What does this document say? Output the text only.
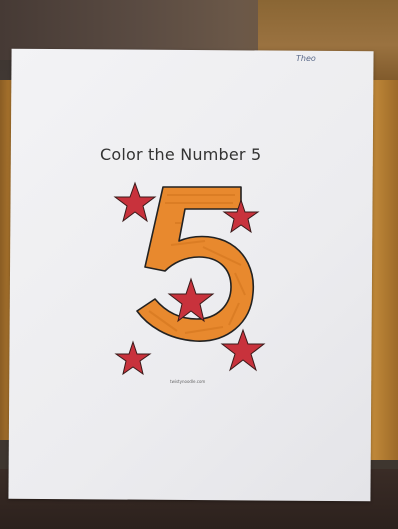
Theo
Color the Number 5
twistynoodle.com
